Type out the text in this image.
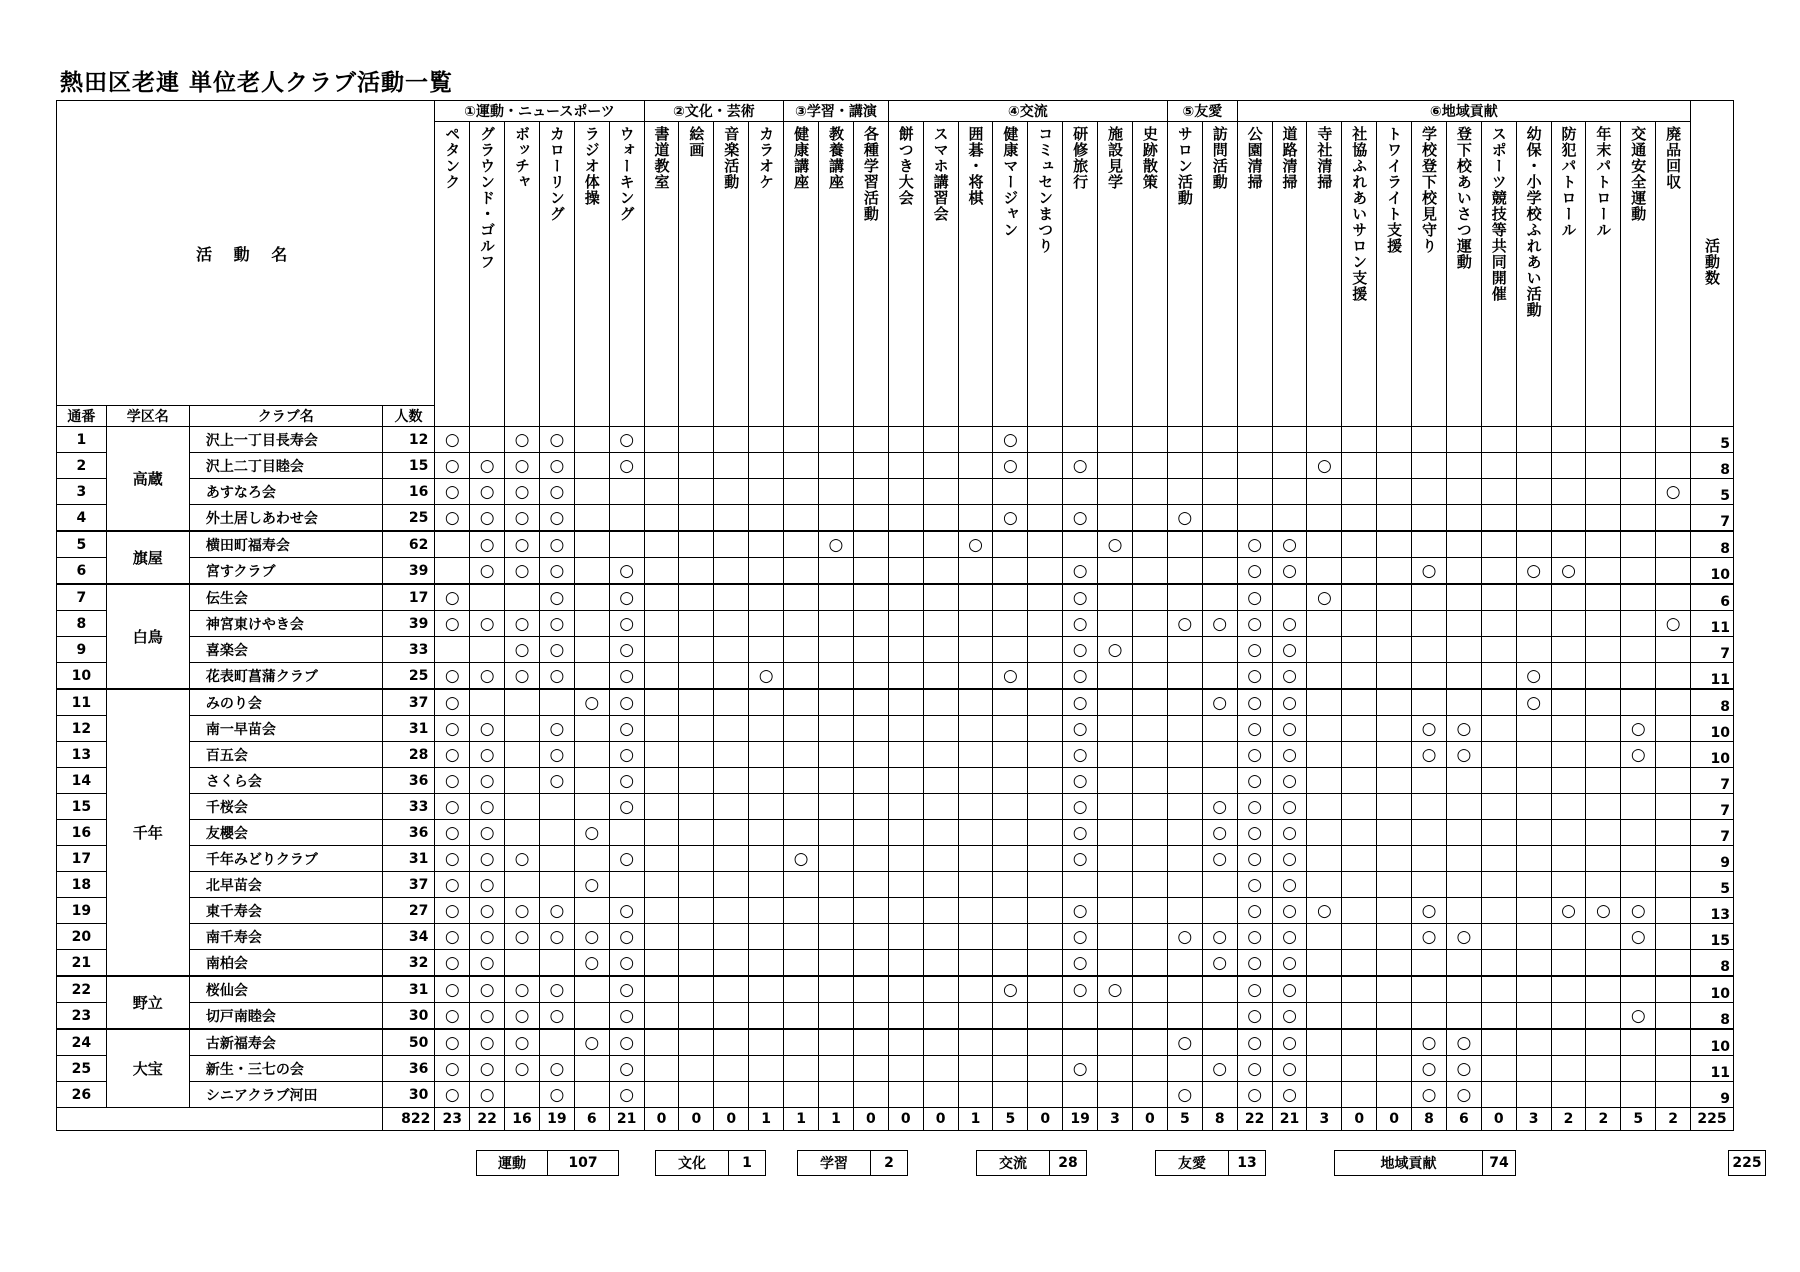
熱田区老連 単位老人クラブ活動一覧
活 動 名				①運動・ニュースポーツ						②文化・芸術				③学習・講演			④交流								⑤友愛		⑥地域貢献													活動数
				ペタンク	グラウンド・ゴルフ	ボッチャ	カローリング	ラジオ体操	ウォーキング	書道教室	絵画	音楽活動	カラオケ	健康講座	教養講座	各種学習活動	餅つき大会	スマホ講習会	囲碁・将棋	健康マージャン	コミュセンまつり	研修旅行	施設見学	史跡散策	サロン活動	訪問活動	公園清掃	道路清掃	寺社清掃	社協ふれあいサロン支援	トワイライト支援	学校登下校見守り	登下校あいさつ運動	スポーツ競技等共同開催	幼保・小学校ふれあい活動	防犯パトロール	年末パトロール	交通安全運動	廃品回収	
通番	学区名	クラブ名	人数																																					
1	高蔵	沢上一丁目長寿会	12	○		○	○		○											○																				5
2		沢上二丁目睦会	15	○	○	○	○		○											○		○							○											8
3		あすなろ会	16	○	○	○	○																																○	5
4		外土居しあわせ会	25	○	○	○	○													○		○			○															7
5	旗屋	横田町福寿会	62		○	○	○								○				○				○				○	○												8
6		宮すクラブ	39		○	○	○		○													○					○	○				○			○	○				10
7	白鳥	伝生会	17	○			○		○													○					○		○											6
8		神宮東けやき会	39	○	○	○	○		○													○			○	○	○	○											○	11
9		喜楽会	33			○	○		○													○	○				○	○												7
10		花表町菖蒲クラブ	25	○	○	○	○		○				○							○		○					○	○							○					11
11	千年	みのり会	37	○				○	○													○				○	○	○							○					8
12		南一早苗会	31	○	○		○		○													○					○	○				○	○					○		10
13		百五会	28	○	○		○		○													○					○	○				○	○					○		10
14		さくら会	36	○	○		○		○													○					○	○												7
15		千桜会	33	○	○				○													○				○	○	○												7
16		友櫻会	36	○	○			○														○				○	○	○												7
17		千年みどりクラブ	31	○	○	○			○					○								○				○	○	○												9
18		北早苗会	37	○	○			○																			○	○												5
19		東千寿会	27	○	○	○	○		○													○					○	○	○			○				○	○	○		13
20		南千寿会	34	○	○	○	○	○	○													○			○	○	○	○				○	○					○		15
21		南柏会	32	○	○			○	○													○				○	○	○												8
22	野立	桜仙会	31	○	○	○	○		○											○		○	○				○	○												10
23		切戸南睦会	30	○	○	○	○		○																		○	○										○		8
24	大宝	古新福寿会	50	○	○	○		○	○																○		○	○				○	○							10
25		新生・三七の会	36	○	○	○	○		○													○				○	○	○				○	○							11
26		シニアクラブ河田	30	○	○		○		○																○		○	○				○	○							9
			822	23	22	16	19	6	21	0	0	0	1	1	1	0	0	0	1	5	0	19	3	0	5	8	22	21	3	0	0	8	6	0	3	2	2	5	2	225
運動	107	文化	1	学習	2	交流	28	友愛	13	地域貢献	74	225
